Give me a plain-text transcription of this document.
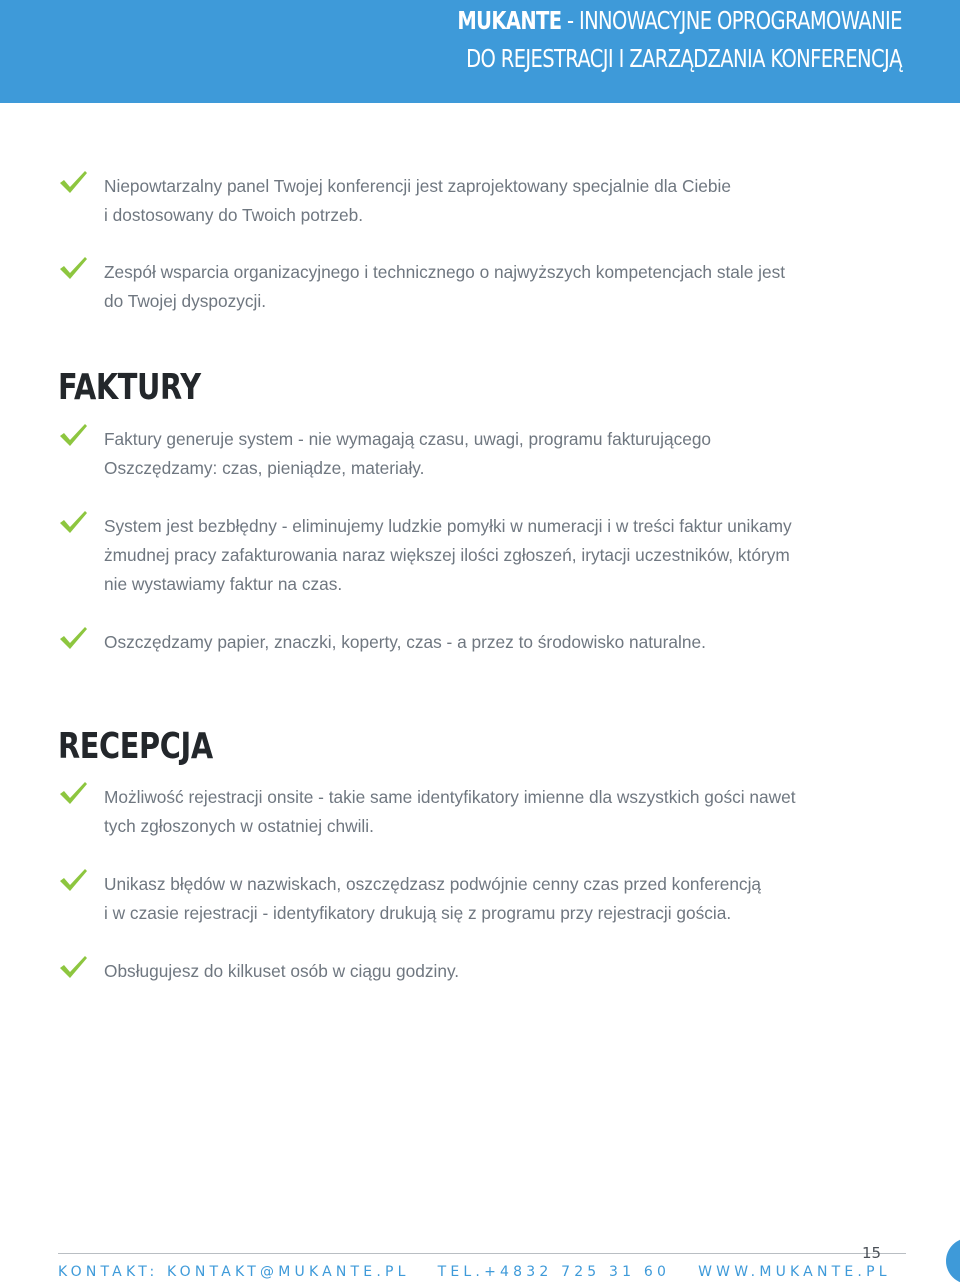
MUKANTE - INNOWACYJNE OPROGRAMOWANIE
DO REJESTRACJI I ZARZĄDZANIA KONFERENCJĄ

Niepowtarzalny panel Twojej konferencji jest zaprojektowany specjalnie dla Ciebie

i dostosowany do Twoich potrzeb.

Zespół wsparcia organizacyjnego i technicznego o najwyższych kompetencjach stale jest

do Twojej dyspozycji.

FAKTURY

Faktury generuje system - nie wymagają czasu, uwagi, programu fakturującego

Oszczędzamy: czas, pieniądze, materiały.

System jest bezbłędny - eliminujemy ludzkie pomyłki w numeracji i w treści faktur unikamy

żmudnej pracy zafakturowania naraz większej ilości zgłoszeń, irytacji uczestników, którym

nie wystawiamy faktur na czas.

Oszczędzamy papier, znaczki, koperty, czas - a przez to środowisko naturalne.

RECEPCJA

Możliwość rejestracji onsite - takie same identyfikatory imienne dla wszystkich gości nawet

tych zgłoszonych w ostatniej chwili.

Unikasz błędów w nazwiskach, oszczędzasz podwójnie cenny czas przed konferencją

i w czasie rejestracji - identyfikatory drukują się z programu przy rejestracji gościa.

Obsługujesz do kilkuset osób w ciągu godziny.

15
KONTAKT: KONTAKT@MUKANTE.PL TEL.+4832 725 31 60 WWW.MUKANTE.PL
